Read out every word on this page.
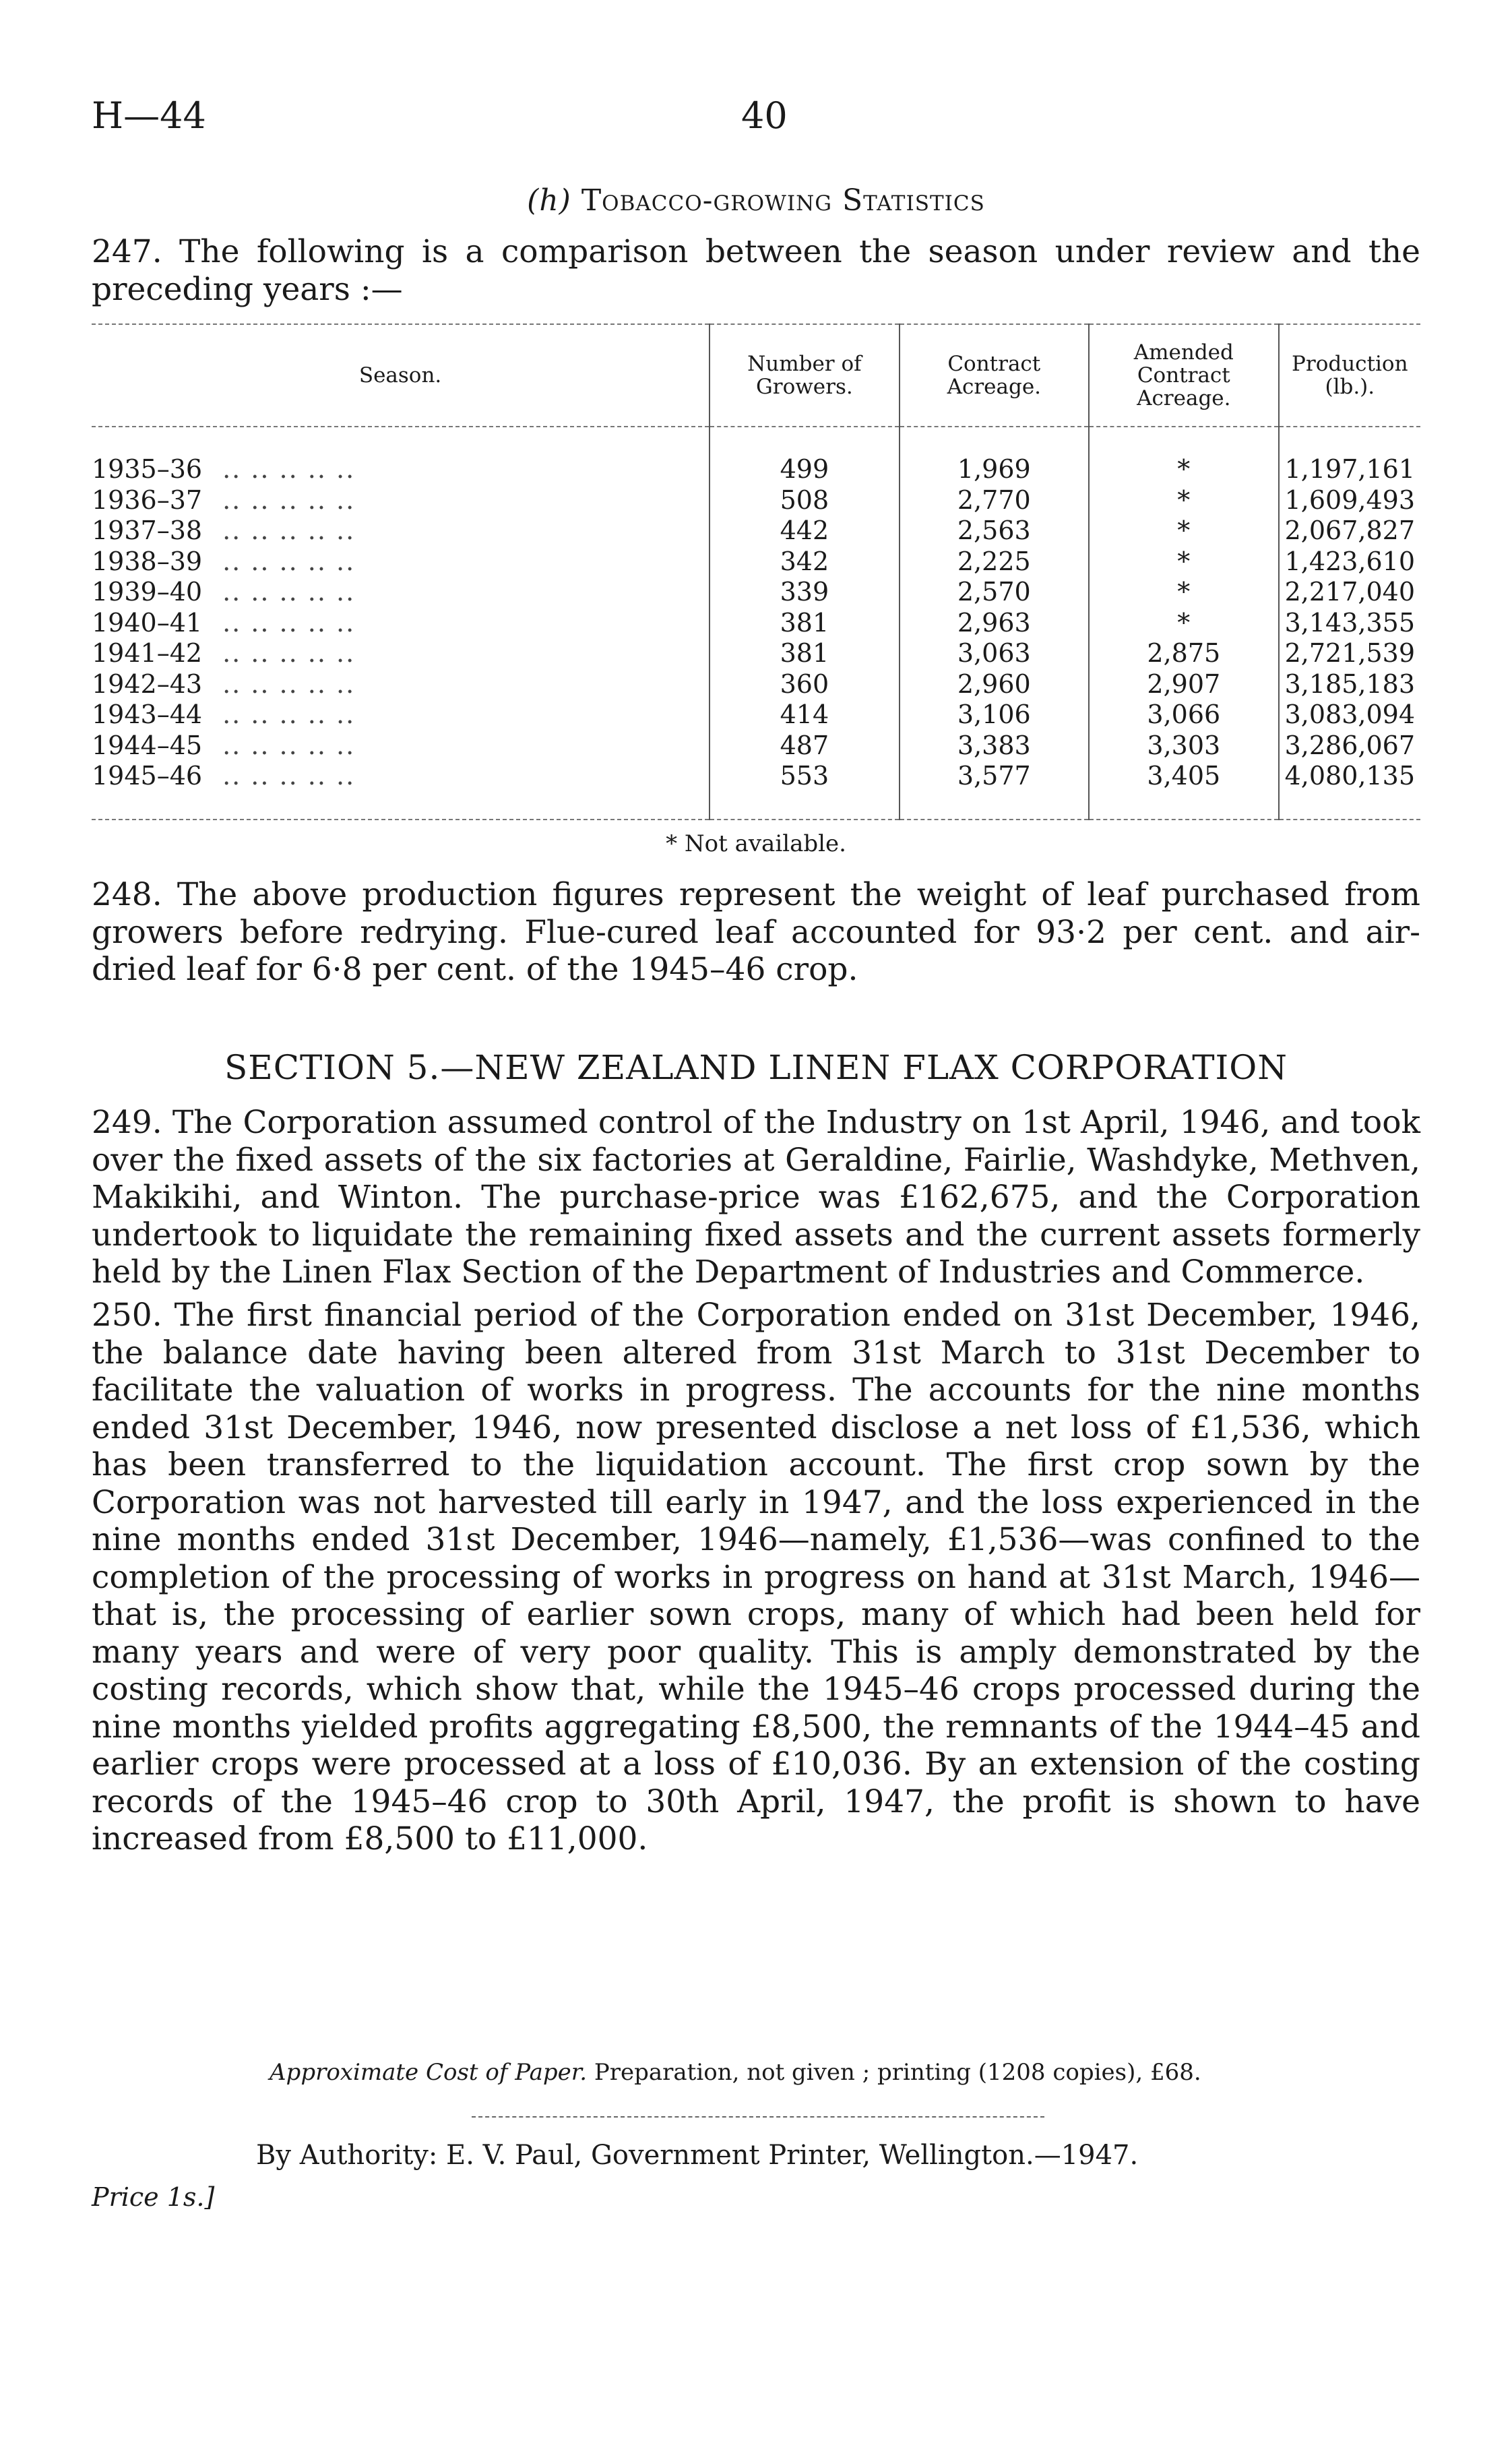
H—44	40
(h) Tobacco-growing Statistics

247. The following is a comparison between the season under review and the preceding years :—

Season.	Number of Growers.	Contract Acreage.	Amended Contract Acreage.	Production (lb.).
1935–36 .. .. .. .. ..	499	1,969	*	1,197,161
1936–37 .. .. .. .. ..	508	2,770	*	1,609,493
1937–38 .. .. .. .. ..	442	2,563	*	2,067,827
1938–39 .. .. .. .. ..	342	2,225	*	1,423,610
1939–40 .. .. .. .. ..	339	2,570	*	2,217,040
1940–41 .. .. .. .. ..	381	2,963	*	3,143,355
1941–42 .. .. .. .. ..	381	3,063	2,875	2,721,539
1942–43 .. .. .. .. ..	360	2,960	2,907	3,185,183
1943–44 .. .. .. .. ..	414	3,106	3,066	3,083,094
1944–45 .. .. .. .. ..	487	3,383	3,303	3,286,067
1945–46 .. .. .. .. ..	553	3,577	3,405	4,080,135
* Not available.

248. The above production figures represent the weight of leaf purchased from growers before redrying. Flue-cured leaf accounted for 93·2 per cent. and air-dried leaf for 6·8 per cent. of the 1945–46 crop.

SECTION 5.—NEW ZEALAND LINEN FLAX CORPORATION

249. The Corporation assumed control of the Industry on 1st April, 1946, and took over the fixed assets of the six factories at Geraldine, Fairlie, Washdyke, Methven, Makikihi, and Winton. The purchase-price was £162,675, and the Corporation undertook to liquidate the remaining fixed assets and the current assets formerly held by the Linen Flax Section of the Department of Industries and Commerce.

250. The first financial period of the Corporation ended on 31st December, 1946, the balance date having been altered from 31st March to 31st December to facilitate the valuation of works in progress. The accounts for the nine months ended 31st December, 1946, now presented disclose a net loss of £1,536, which has been transferred to the liquidation account. The first crop sown by the Corporation was not harvested till early in 1947, and the loss experienced in the nine months ended 31st December, 1946—namely, £1,536—was confined to the completion of the processing of works in progress on hand at 31st March, 1946—that is, the processing of earlier sown crops, many of which had been held for many years and were of very poor quality. This is amply demonstrated by the costing records, which show that, while the 1945–46 crops processed during the nine months yielded profits aggregating £8,500, the remnants of the 1944–45 and earlier crops were processed at a loss of £10,036. By an extension of the costing records of the 1945–46 crop to 30th April, 1947, the profit is shown to have increased from £8,500 to £11,000.

Approximate Cost of Paper. Preparation, not given ; printing (1208 copies), £68.
By Authority: E. V. Paul, Government Printer, Wellington.—1947.
Price 1s.]
